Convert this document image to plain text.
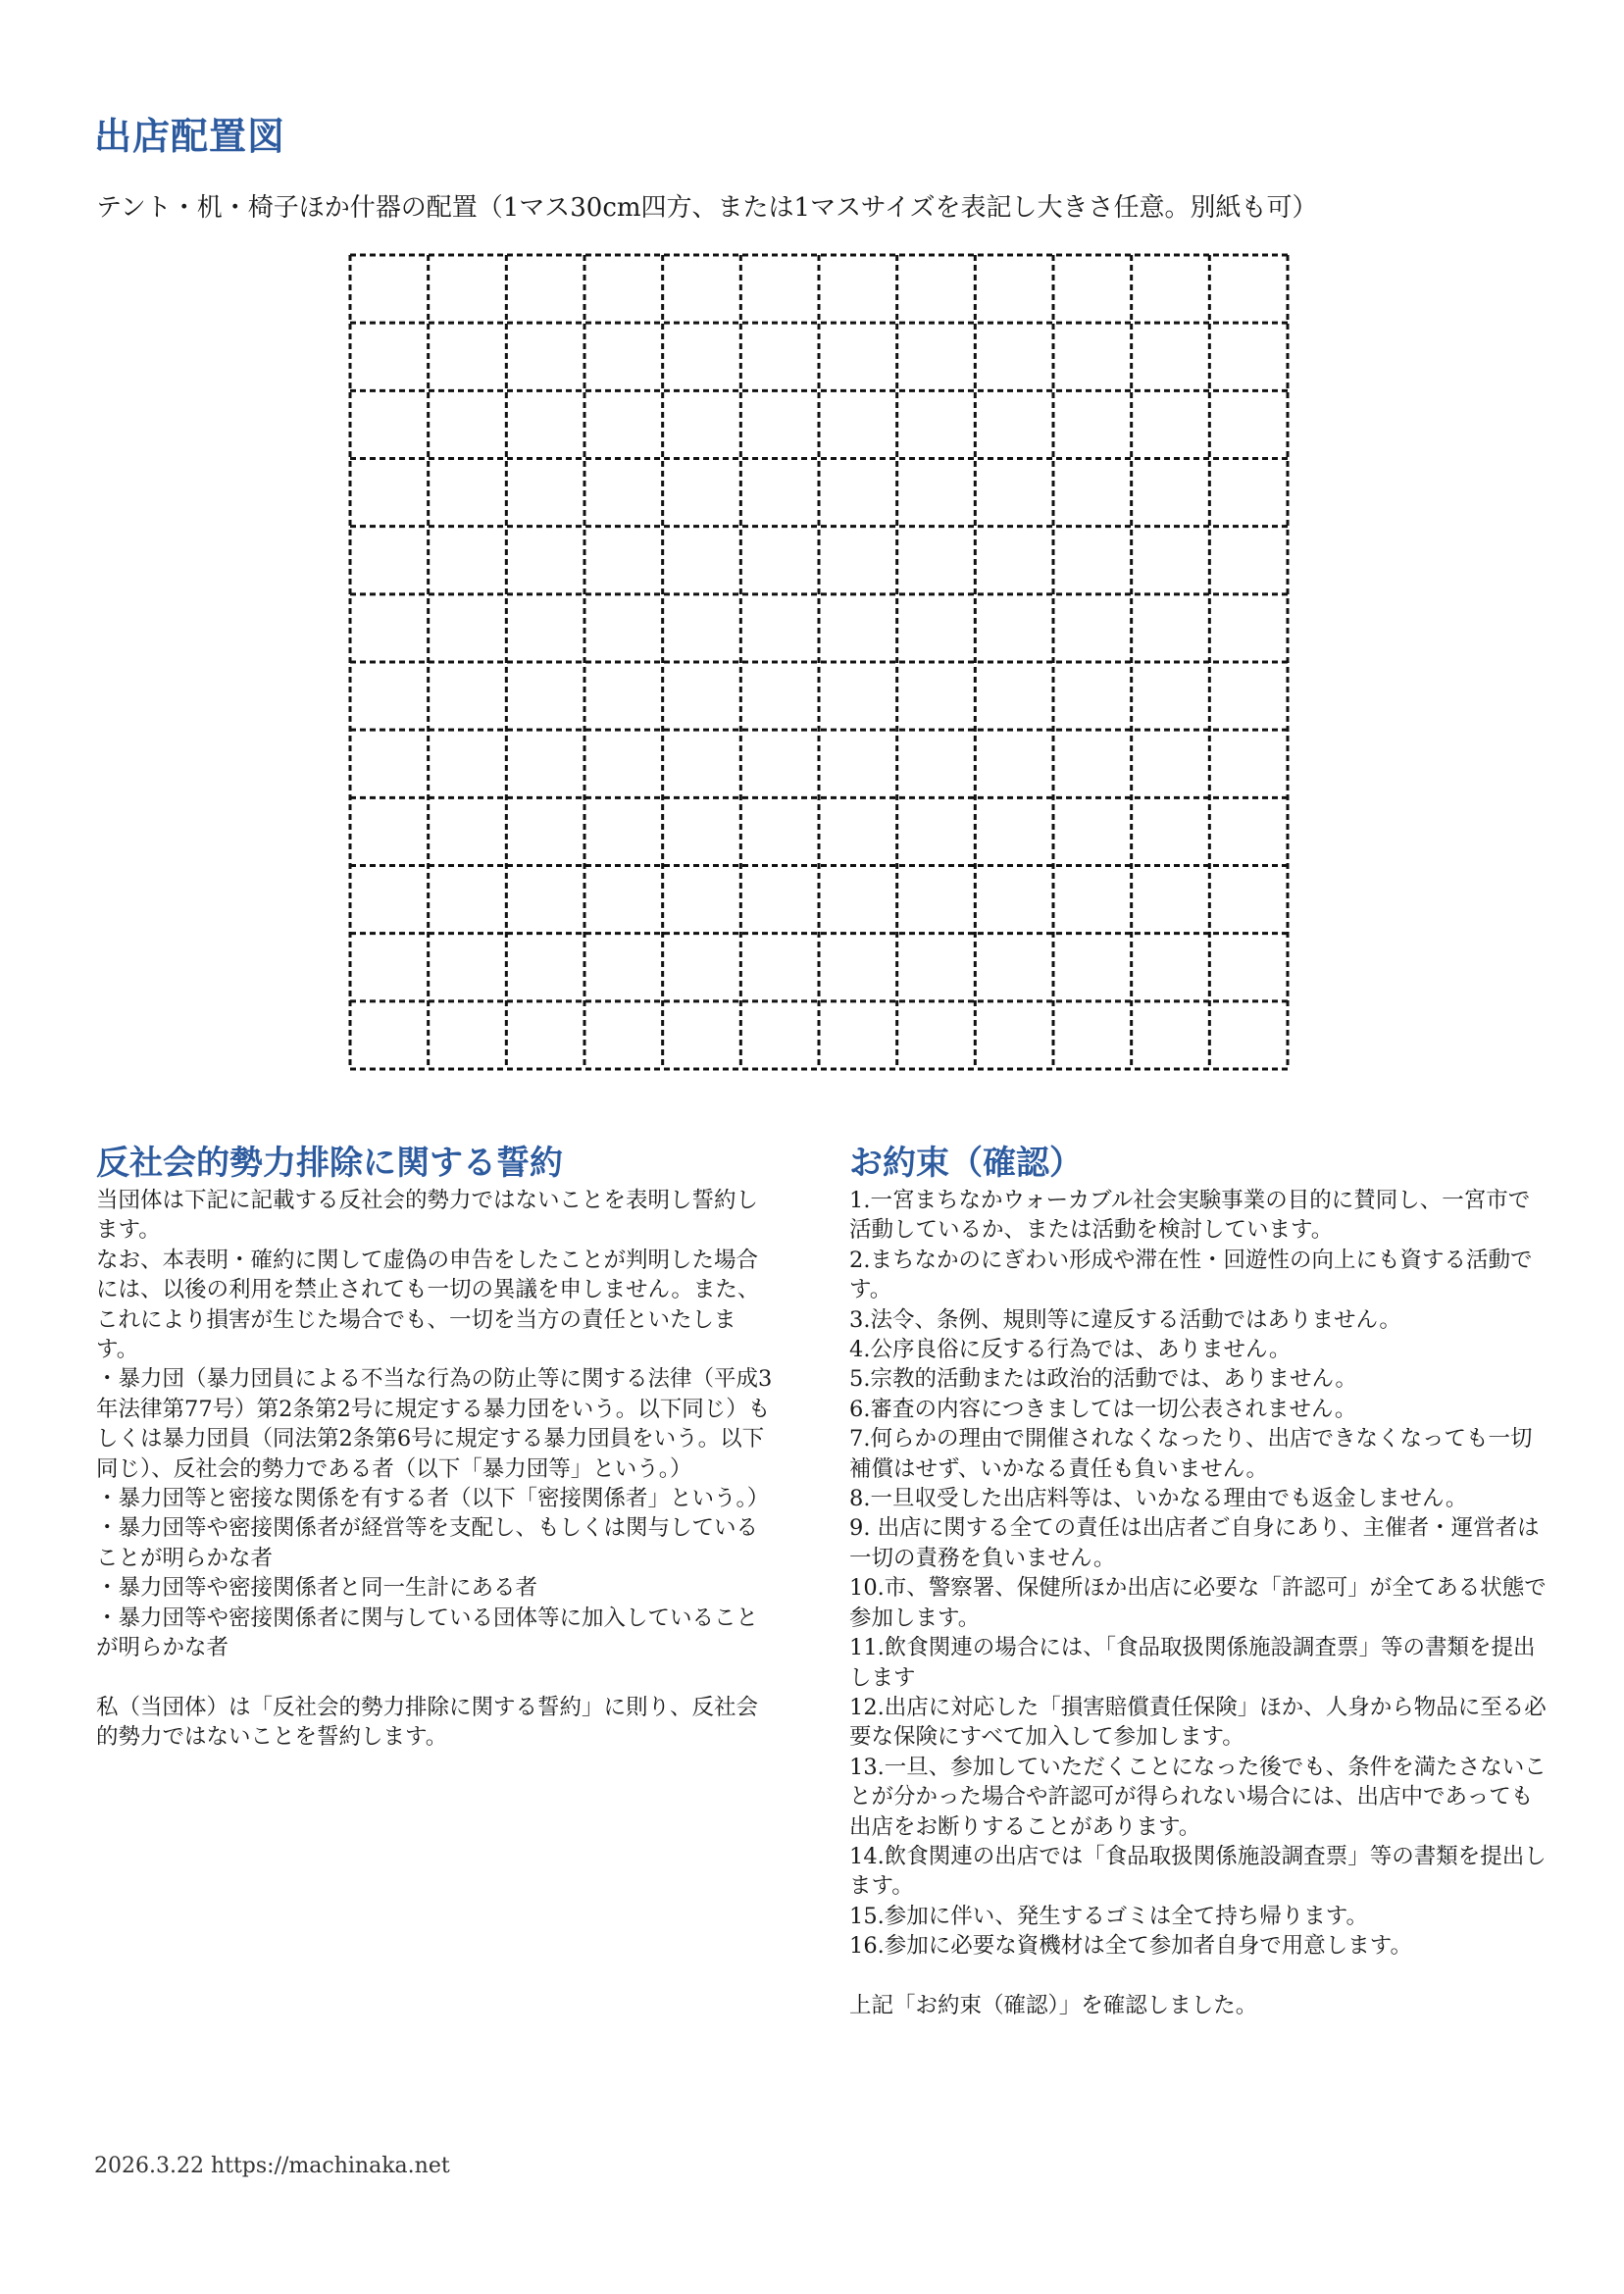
出店配置図
テント・机・椅子ほか什器の配置（1マス30cm四方、または1マスサイズを表記し大きさ任意。別紙も可）
反社会的勢力排除に関する誓約

当団体は下記に記載する反社会的勢力ではないことを表明し誓約します。

なお、本表明・確約に関して虚偽の申告をしたことが判明した場合には、以後の利用を禁止されても一切の異議を申しません。また、これにより損害が生じた場合でも、一切を当方の責任といたします。

・暴力団（暴力団員による不当な行為の防止等に関する法律（平成3年法律第77号）第2条第2号に規定する暴力団をいう。以下同じ）もしくは暴力団員（同法第2条第6号に規定する暴力団員をいう。以下同じ）、反社会的勢力である者（以下「暴力団等」という。）

・暴力団等と密接な関係を有する者（以下「密接関係者」という。）

・暴力団等や密接関係者が経営等を支配し、もしくは関与していることが明らかな者

・暴力団等や密接関係者と同一生計にある者

・暴力団等や密接関係者に関与している団体等に加入していることが明らかな者

私（当団体）は「反社会的勢力排除に関する誓約」に則り、反社会的勢力ではないことを誓約します。

お約束（確認）

1.一宮まちなかウォーカブル社会実験事業の目的に賛同し、一宮市で活動しているか、または活動を検討しています。

2.まちなかのにぎわい形成や滞在性・回遊性の向上にも資する活動です。

3.法令、条例、規則等に違反する活動ではありません。

4.公序良俗に反する行為では、ありません。

5.宗教的活動または政治的活動では、ありません。

6.審査の内容につきましては一切公表されません。

7.何らかの理由で開催されなくなったり、出店できなくなっても一切補償はせず、いかなる責任も負いません。

8.一旦収受した出店料等は、いかなる理由でも返金しません。

9. 出店に関する全ての責任は出店者ご自身にあり、主催者・運営者は一切の責務を負いません。

10.市、警察署、保健所ほか出店に必要な「許認可」が全てある状態で参加します。

11.飲食関連の場合には、「食品取扱関係施設調査票」等の書類を提出します

12.出店に対応した「損害賠償責任保険」ほか、人身から物品に至る必要な保険にすべて加入して参加します。

13.一旦、参加していただくことになった後でも、条件を満たさないことが分かった場合や許認可が得られない場合には、出店中であっても出店をお断りすることがあります。

14.飲食関連の出店では「食品取扱関係施設調査票」等の書類を提出します。

15.参加に伴い、発生するゴミは全て持ち帰ります。

16.参加に必要な資機材は全て参加者自身で用意します。

上記「お約束（確認）」を確認しました。

2026.3.22 https://machinaka.net
